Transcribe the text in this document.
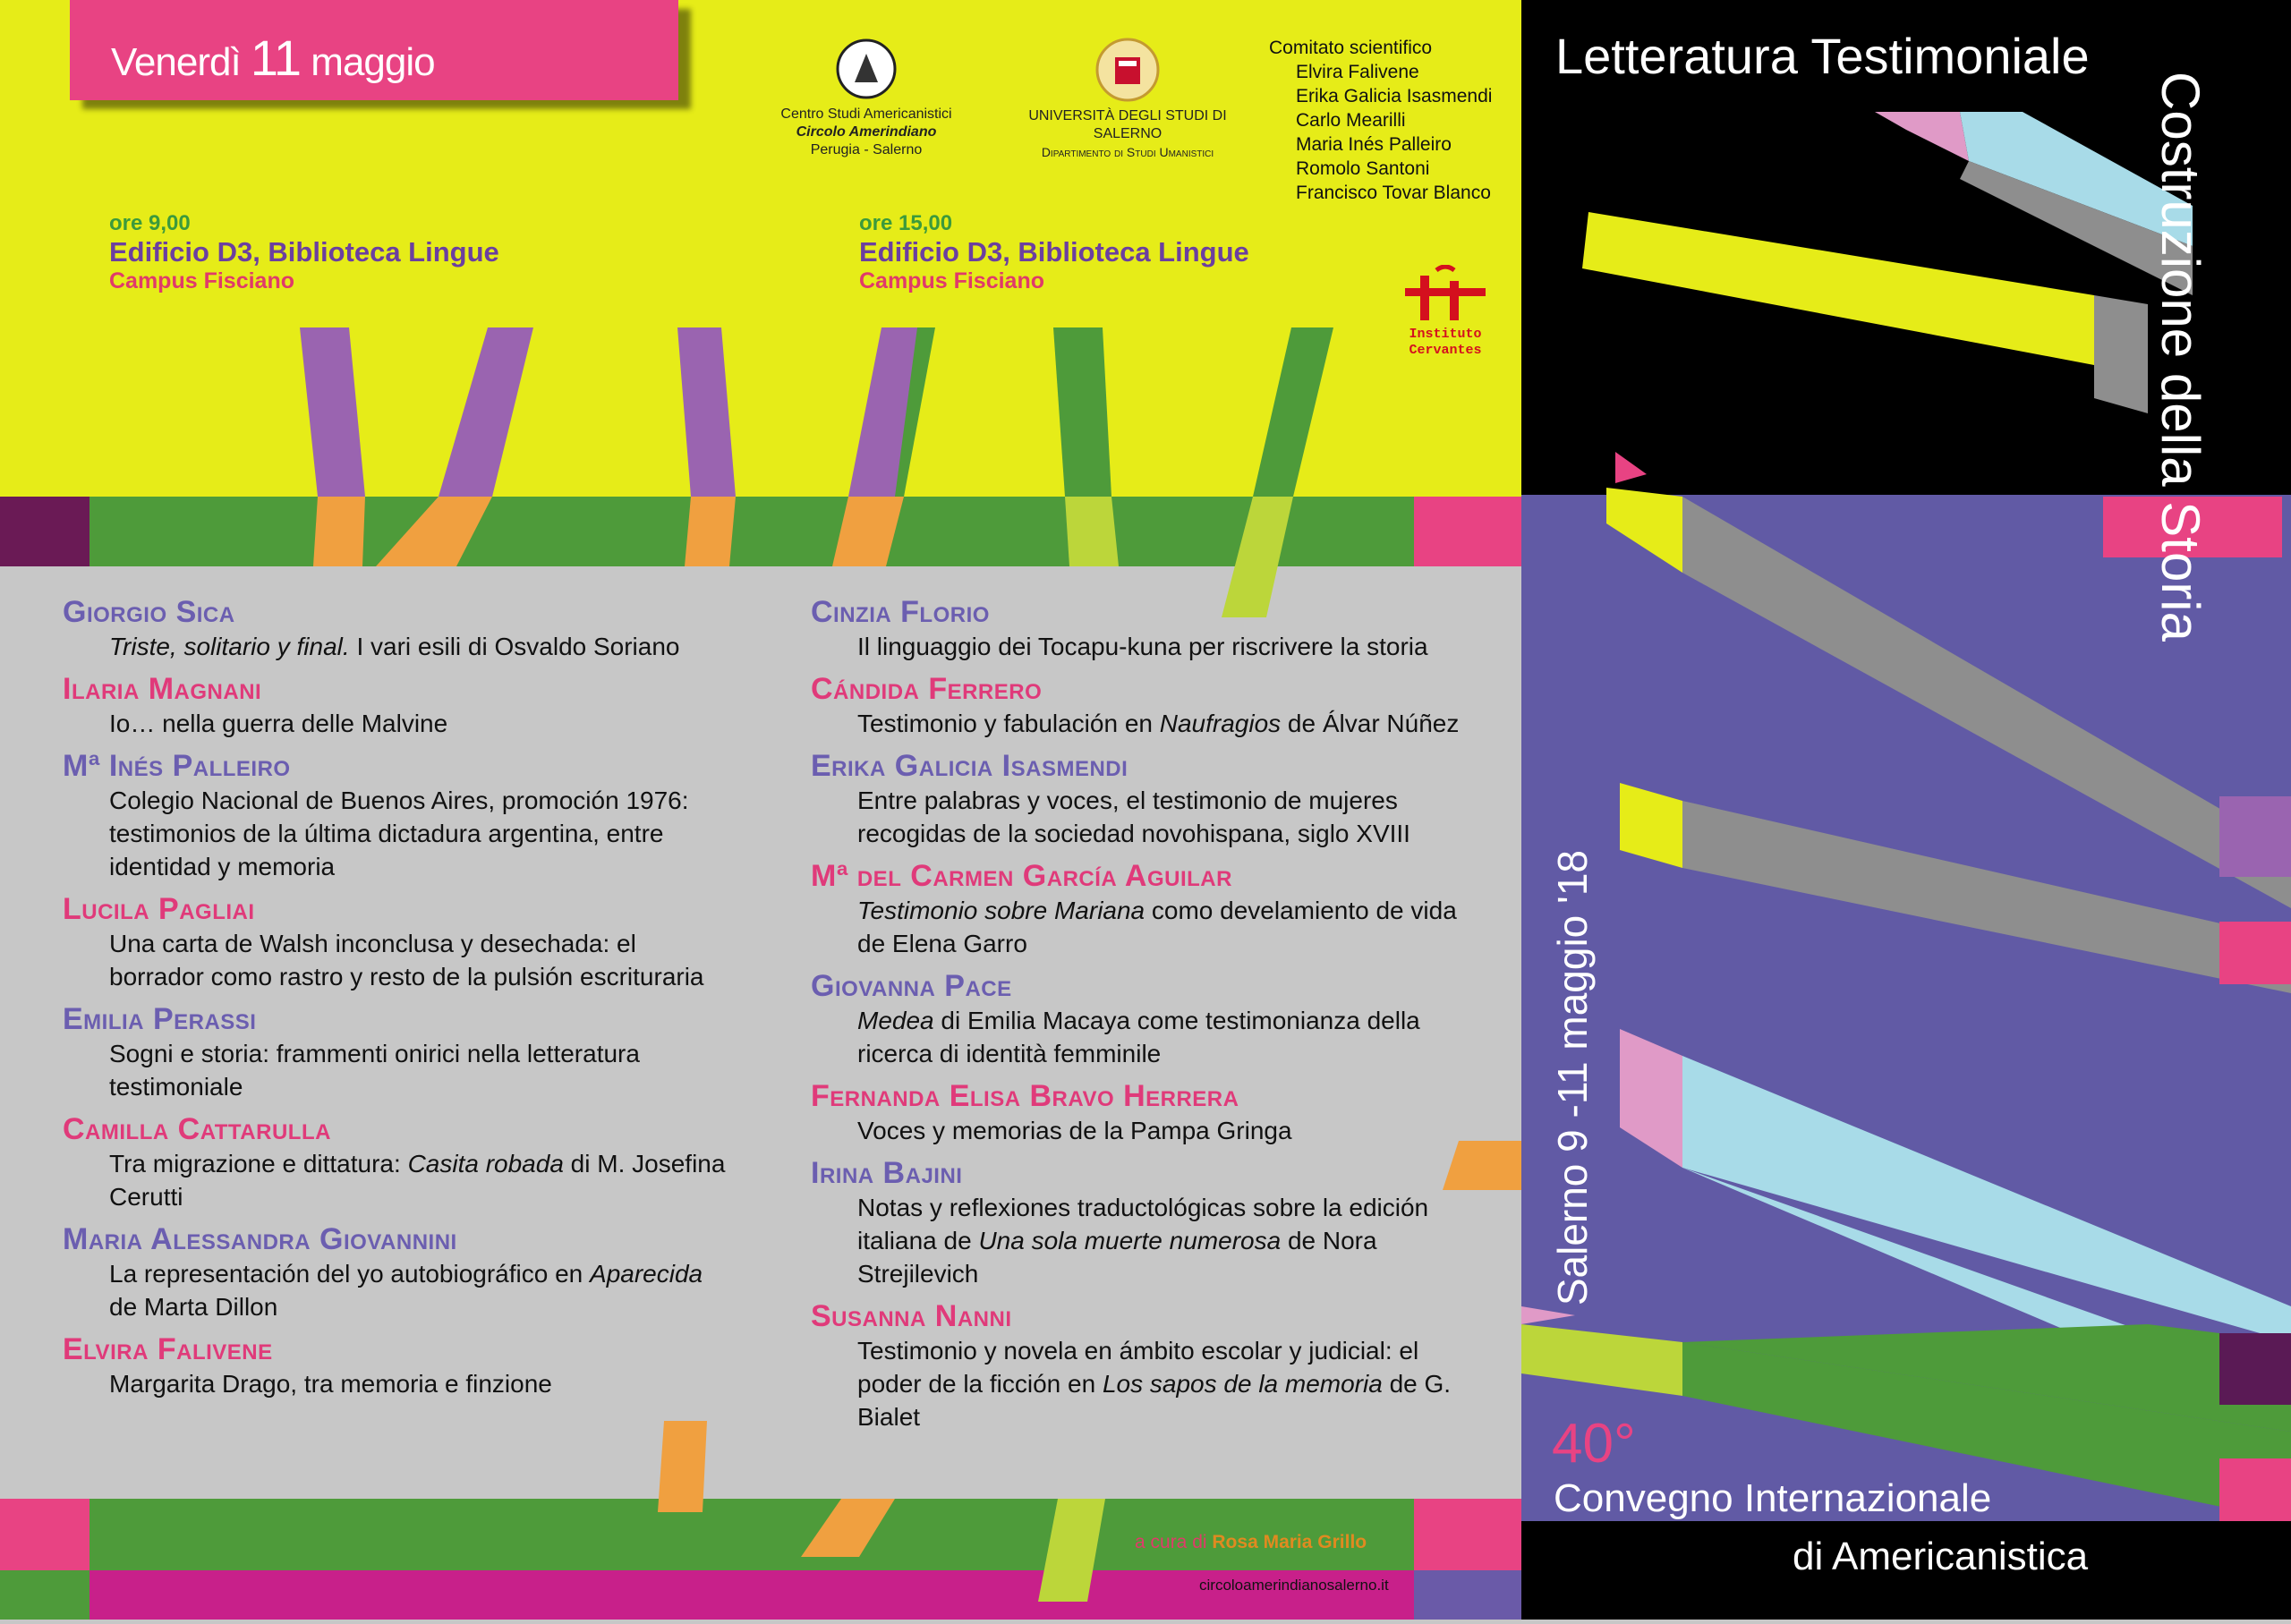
Venerdì 11 maggio
Centro Studi Americanistici
Circolo Amerindiano
Perugia - Salerno
UNIVERSITÀ DEGLI STUDI DI SALERNO
Dipartimento di Studi Umanistici
Comitato scientifico
Elvira Falivene
Erika Galicia Isasmendi
Carlo Mearilli
Maria Inés Palleiro
Romolo Santoni
Francisco Tovar Blanco
Instituto
Cervantes
ore 9,00
Edificio D3, Biblioteca Lingue
Campus Fisciano
ore 15,00
Edificio D3, Biblioteca Lingue
Campus Fisciano
Giorgio Sica
Triste, solitario y final. I vari esili di Osvaldo Soriano
Ilaria Magnani
Io… nella guerra delle Malvine
Mª Inés Palleiro
Colegio Nacional de Buenos Aires, promoción 1976: testimonios de la última dictadura argentina, entre identidad y memoria
Lucila Pagliai
Una carta de Walsh inconclusa y desechada: el borrador como rastro y resto de la pulsión escrituraria
Emilia Perassi
Sogni e storia: frammenti onirici nella letteratura testimoniale
Camilla Cattarulla
Tra migrazione e dittatura: Casita robada di M. Josefina Cerutti
Maria Alessandra Giovannini
La representación del yo autobiográfico en Aparecida de Marta Dillon
Elvira Falivene
Margarita Drago, tra memoria e finzione
Cinzia Florio
Il linguaggio dei Tocapu-kuna per riscrivere la storia
Cándida Ferrero
Testimonio y fabulación en Naufragios de Álvar Núñez
Erika Galicia Isasmendi
Entre palabras y voces, el testimonio de mujeres recogidas de la sociedad novohispana, siglo XVIII
Mª del Carmen García Aguilar
Testimonio sobre Mariana como develamiento de vida de Elena Garro
Giovanna Pace
Medea di Emilia Macaya come testimonianza della ricerca di identità femminile
Fernanda Elisa Bravo Herrera
Voces y memorias de la Pampa Gringa
Irina Bajini
Notas y reflexiones traductológicas sobre la edición italiana de Una sola muerte numerosa de Nora Strejilevich
Susanna Nanni
Testimonio y novela en ámbito escolar y judicial: el poder de la ficción en Los sapos de la memoria de G. Bialet
a cura di Rosa Maria Grillo
circoloamerindianosalerno.it
Letteratura Testimoniale
Costruzione della Storia
Salerno 9 -11 maggio '18
40°
Convegno Internazionale
di Americanistica
